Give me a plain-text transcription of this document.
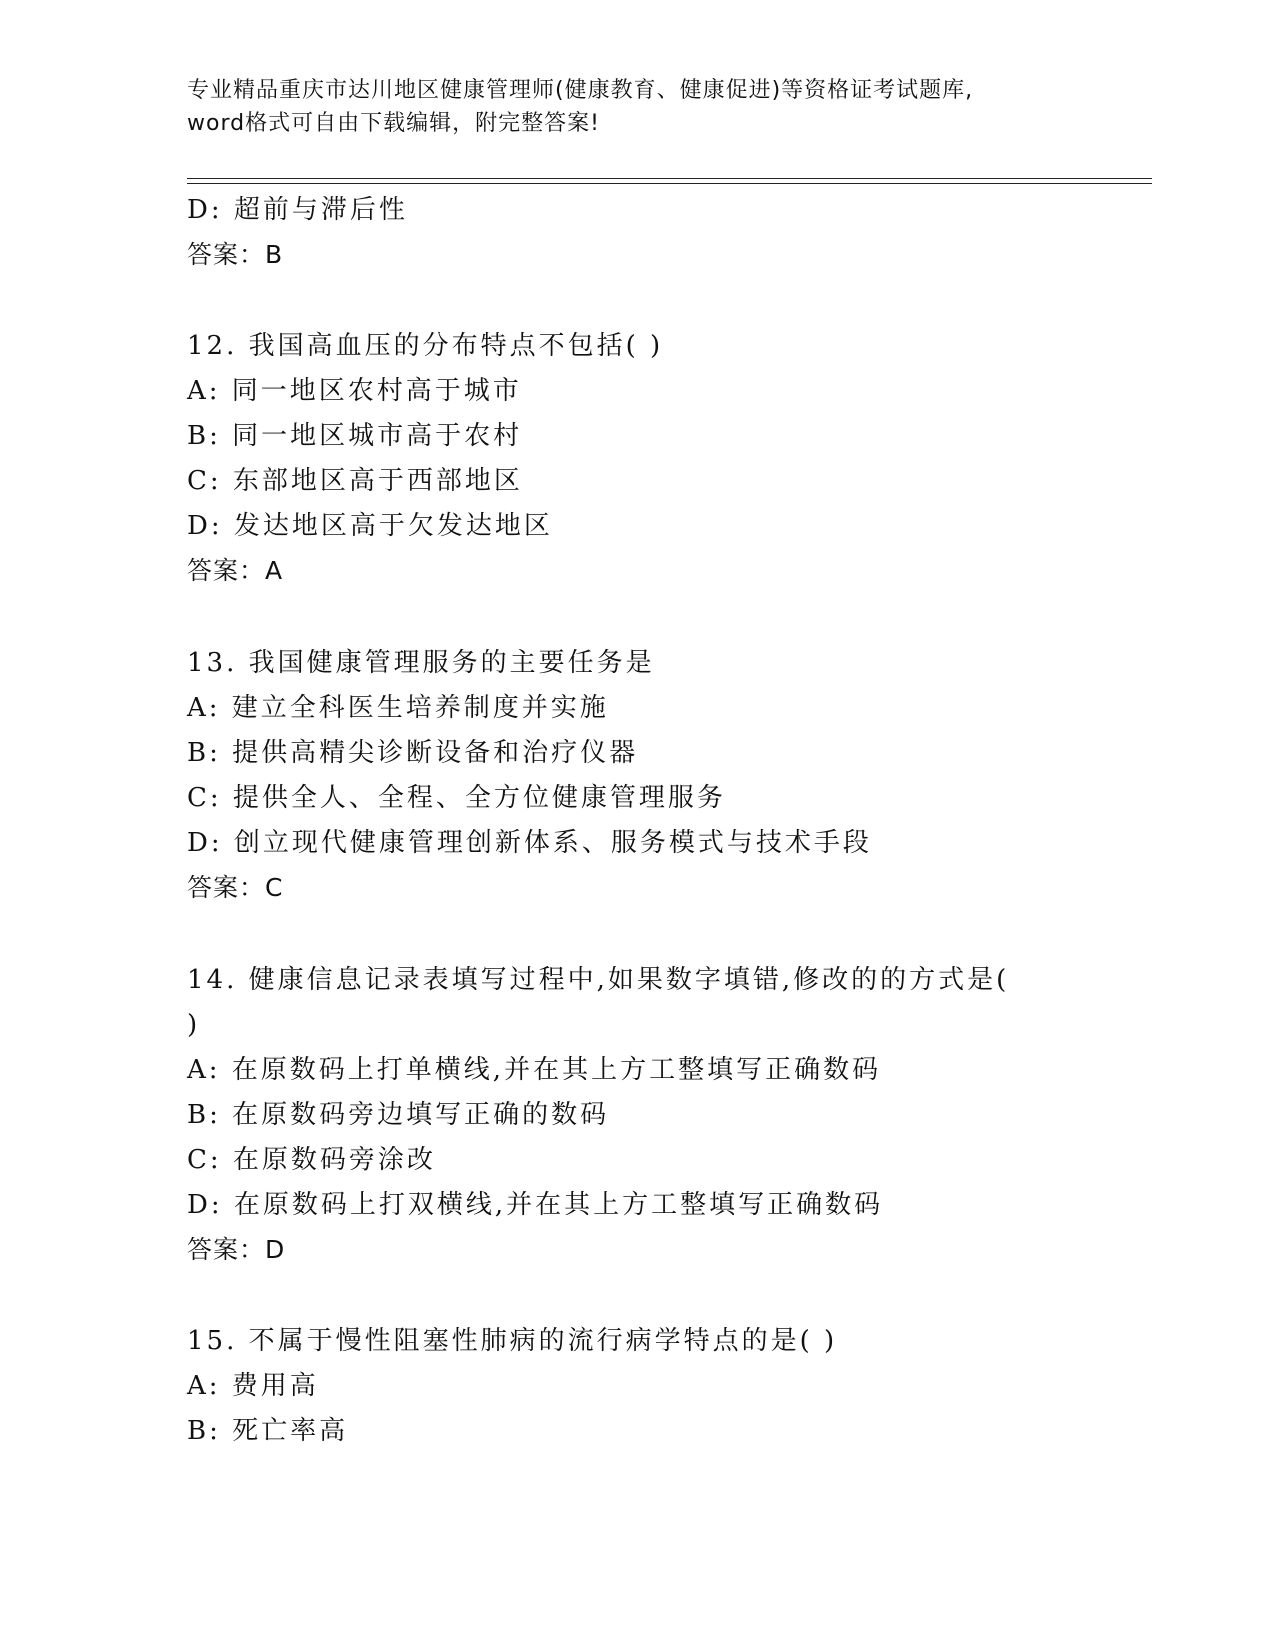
专业精品重庆市达川地区健康管理师(健康教育、健康促进)等资格证考试题库,
word格式可自由下载编辑，附完整答案!
D: 超前与滞后性
答案：B
12. 我国高血压的分布特点不包括( )
A: 同一地区农村高于城市
B: 同一地区城市高于农村
C: 东部地区高于西部地区
D: 发达地区高于欠发达地区
答案：A
13. 我国健康管理服务的主要任务是
A: 建立全科医生培养制度并实施
B: 提供高精尖诊断设备和治疗仪器
C: 提供全人、全程、全方位健康管理服务
D: 创立现代健康管理创新体系、服务模式与技术手段
答案：C
14. 健康信息记录表填写过程中,如果数字填错,修改的的方式是(
)
A: 在原数码上打单横线,并在其上方工整填写正确数码
B: 在原数码旁边填写正确的数码
C: 在原数码旁涂改
D: 在原数码上打双横线,并在其上方工整填写正确数码
答案：D
15. 不属于慢性阻塞性肺病的流行病学特点的是( )
A: 费用高
B: 死亡率高
